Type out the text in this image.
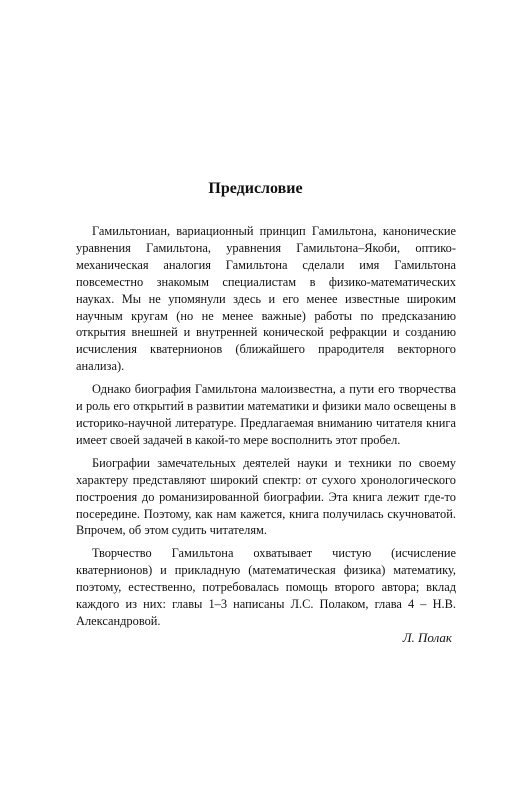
Предисловие

Гамильтониан, вариационный принцип Гамильтона, канонические уравнения Гамильтона, уравнения Гамильтона–Якоби, оптико-механическая аналогия Гамильтона сделали имя Гамильтона повсеместно знакомым специалистам в физико-математических науках. Мы не упомянули здесь и его менее известные широким научным кругам (но не менее важные) работы по предсказанию открытия внешней и внутренней конической рефракции и созданию исчисления кватернионов (ближайшего прародителя векторного анализа).

Однако биография Гамильтона малоизвестна, а пути его творчества и роль его открытий в развитии математики и физики мало освещены в историко-научной литературе. Предлагаемая вниманию читателя книга имеет своей задачей в какой-то мере восполнить этот пробел.

Биографии замечательных деятелей науки и техники по своему характеру представляют широкий спектр: от сухого хронологического построения до романизированной биографии. Эта книга лежит где-то посередине. Поэтому, как нам кажется, книга получилась скучноватой. Впрочем, об этом судить читателям.

Творчество Гамильтона охватывает чистую (исчисление кватернионов) и прикладную (математическая физика) математику, поэтому, естественно, потребовалась помощь второго автора; вклад каждого из них: главы 1–3 написаны Л.С. Полаком, глава 4 – Н.В. Александровой.

Л. Полак
